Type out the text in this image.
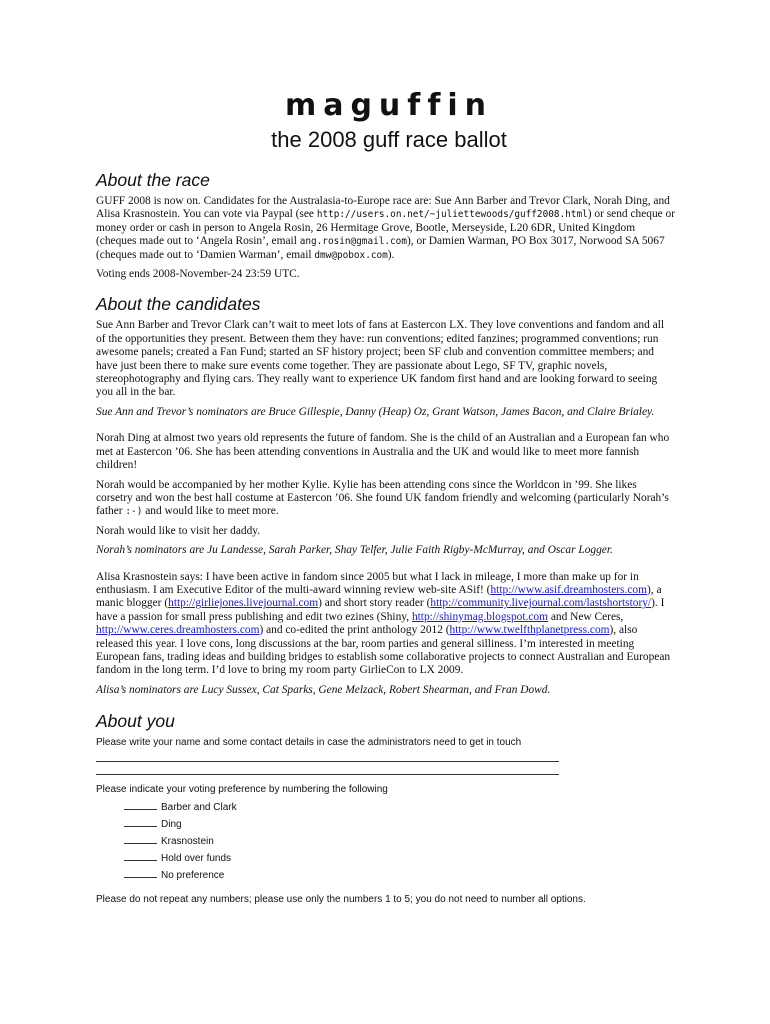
maguffin
the 2008 guff race ballot
About the race

GUFF 2008 is now on. Candidates for the Australasia-to-Europe race are: Sue Ann Barber and Trevor Clark, Norah Ding, and Alisa Krasnostein. You can vote via Paypal (see http://users.on.net/~juliettewoods/guff2008.html) or send cheque or money order or cash in person to Angela Rosin, 26 Hermitage Grove, Bootle, Merseyside, L20 6DR, United Kingdom (cheques made out to ‘Angela Rosin’, email ang.rosin@gmail.com), or Damien Warman, PO Box 3017, Norwood SA 5067 (cheques made out to ‘Damien Warman’, email dmw@pobox.com).

Voting ends 2008-November-24 23:59 UTC.

About the candidates

Sue Ann Barber and Trevor Clark can’t wait to meet lots of fans at Eastercon LX. They love conventions and fandom and all of the opportunities they present. Between them they have: run conventions; edited fanzines; programmed conventions; run awesome panels; created a Fan Fund; started an SF history project; been SF club and convention committee members; and have just been there to make sure events come together. They are passionate about Lego, SF TV, graphic novels, stereophotography and flying cars. They really want to experience UK fandom first hand and are looking forward to seeing you all in the bar.

Sue Ann and Trevor’s nominators are Bruce Gillespie, Danny (Heap) Oz, Grant Watson, James Bacon, and Claire Brialey.

Norah Ding at almost two years old represents the future of fandom. She is the child of an Australian and a European fan who met at Eastercon ’06. She has been attending conventions in Australia and the UK and would like to meet more fannish children!

Norah would be accompanied by her mother Kylie. Kylie has been attending cons since the Worldcon in ’99. She likes corsetry and won the best hall costume at Eastercon ’06. She found UK fandom friendly and welcoming (particularly Norah’s father :-) and would like to meet more.

Norah would like to visit her daddy.

Norah’s nominators are Ju Landesse, Sarah Parker, Shay Telfer, Julie Faith Rigby-McMurray, and Oscar Logger.

Alisa Krasnostein says: I have been active in fandom since 2005 but what I lack in mileage, I more than make up for in enthusiasm. I am Executive Editor of the multi-award winning review web-site ASif! (http://www.asif.dreamhosters.com), a manic blogger (http://girliejones.livejournal.com) and short story reader (http://community.livejournal.com/lastshortstory/). I have a passion for small press publishing and edit two ezines (Shiny, http://shinymag.blogspot.com and New Ceres, http://www.ceres.dreamhosters.com) and co-edited the print anthology 2012 (http://www.twelfthplanetpress.com), also released this year. I love cons, long discussions at the bar, room parties and general silliness. I’m interested in meeting European fans, trading ideas and building bridges to establish some collaborative projects to connect Australian and European fandom in the long term. I’d love to bring my room party GirlieCon to LX 2009.

Alisa’s nominators are Lucy Sussex, Cat Sparks, Gene Melzack, Robert Shearman, and Fran Dowd.

About you

Please write your name and some contact details in case the administrators need to get in touch

Please indicate your voting preference by numbering the following

Barber and Clark
Ding
Krasnostein
Hold over funds
No preference

Please do not repeat any numbers; please use only the numbers 1 to 5; you do not need to number all options.
